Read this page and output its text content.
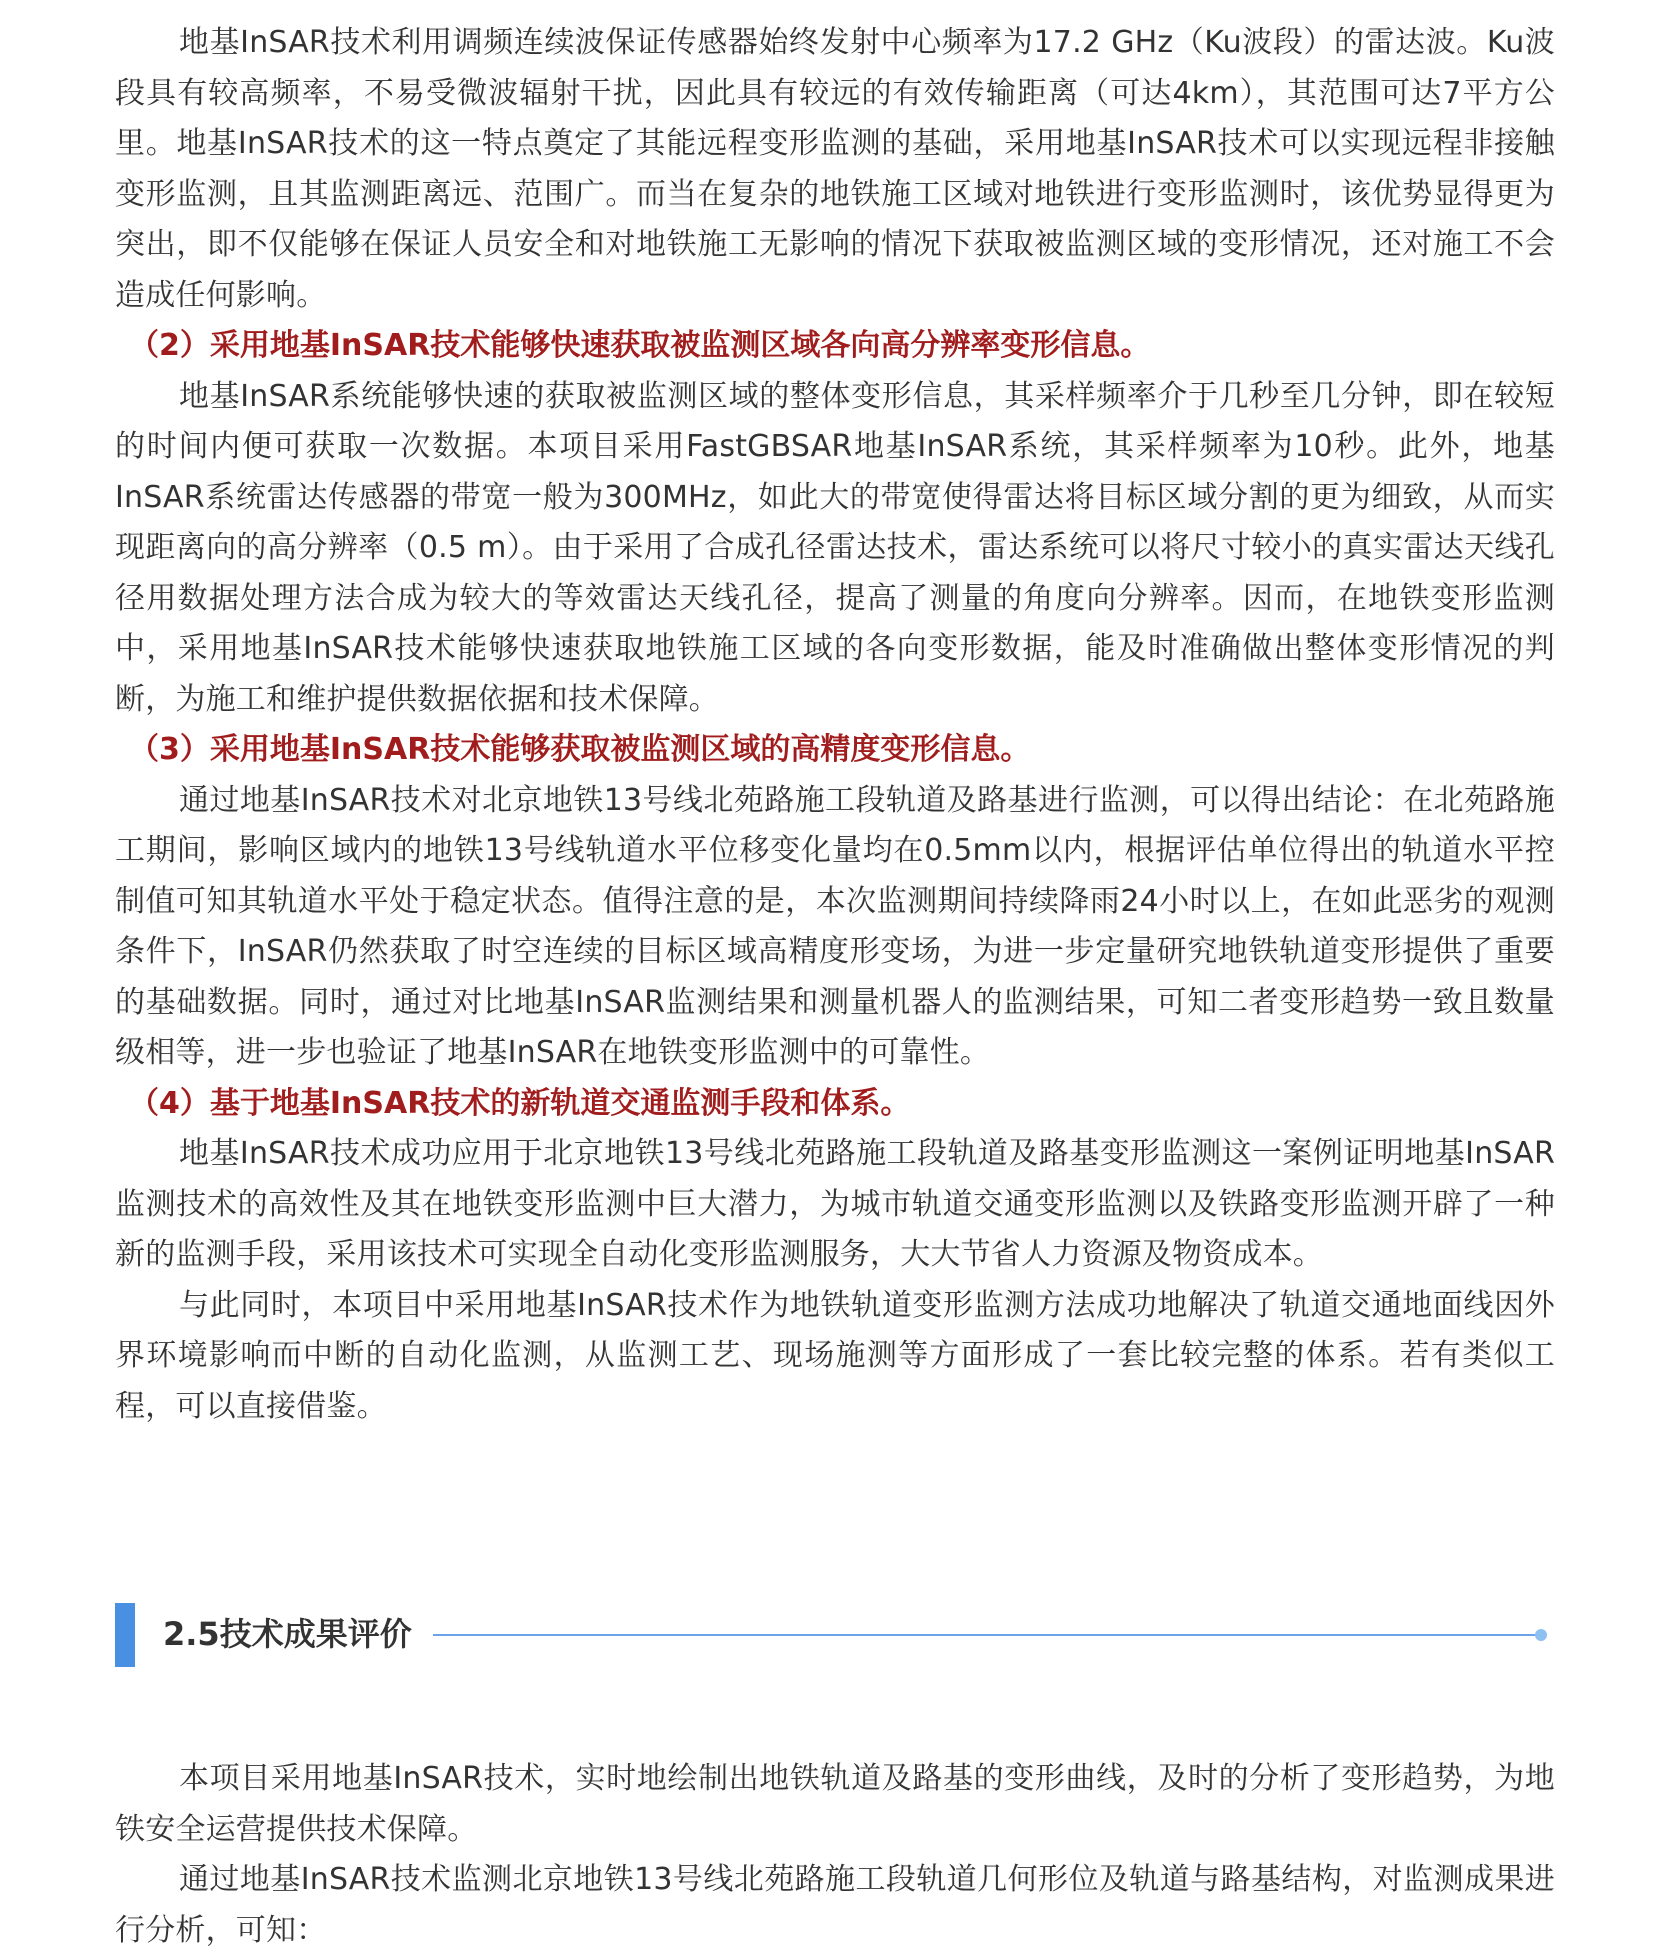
地基InSAR技术利用调频连续波保证传感器始终发射中心频率为17.2 GHz（Ku波段）的雷达波。Ku波段具有较高频率，不易受微波辐射干扰，因此具有较远的有效传输距离（可达4km），其范围可达7平方公里。地基InSAR技术的这一特点奠定了其能远程变形监测的基础，采用地基InSAR技术可以实现远程非接触变形监测，且其监测距离远、范围广。而当在复杂的地铁施工区域对地铁进行变形监测时，该优势显得更为突出，即不仅能够在保证人员安全和对地铁施工无影响的情况下获取被监测区域的变形情况，还对施工不会造成任何影响。

（2）采用地基InSAR技术能够快速获取被监测区域各向高分辨率变形信息。

地基InSAR系统能够快速的获取被监测区域的整体变形信息，其采样频率介于几秒至几分钟，即在较短的时间内便可获取一次数据。本项目采用FastGBSAR地基InSAR系统，其采样频率为10秒。此外，地基InSAR系统雷达传感器的带宽一般为300MHz，如此大的带宽使得雷达将目标区域分割的更为细致，从而实现距离向的高分辨率（0.5 m）。由于采用了合成孔径雷达技术，雷达系统可以将尺寸较小的真实雷达天线孔径用数据处理方法合成为较大的等效雷达天线孔径，提高了测量的角度向分辨率。因而，在地铁变形监测中，采用地基InSAR技术能够快速获取地铁施工区域的各向变形数据，能及时准确做出整体变形情况的判断，为施工和维护提供数据依据和技术保障。

（3）采用地基InSAR技术能够获取被监测区域的高精度变形信息。

通过地基InSAR技术对北京地铁13号线北苑路施工段轨道及路基进行监测，可以得出结论：在北苑路施工期间，影响区域内的地铁13号线轨道水平位移变化量均在0.5mm以内，根据评估单位得出的轨道水平控制值可知其轨道水平处于稳定状态。值得注意的是，本次监测期间持续降雨24小时以上，在如此恶劣的观测条件下，InSAR仍然获取了时空连续的目标区域高精度形变场，为进一步定量研究地铁轨道变形提供了重要的基础数据。同时，通过对比地基InSAR监测结果和测量机器人的监测结果，可知二者变形趋势一致且数量级相等，进一步也验证了地基InSAR在地铁变形监测中的可靠性。

（4）基于地基InSAR技术的新轨道交通监测手段和体系。

地基InSAR技术成功应用于北京地铁13号线北苑路施工段轨道及路基变形监测这一案例证明地基InSAR监测技术的高效性及其在地铁变形监测中巨大潜力，为城市轨道交通变形监测以及铁路变形监测开辟了一种新的监测手段，采用该技术可实现全自动化变形监测服务，大大节省人力资源及物资成本。

与此同时，本项目中采用地基InSAR技术作为地铁轨道变形监测方法成功地解决了轨道交通地面线因外界环境影响而中断的自动化监测，从监测工艺、现场施测等方面形成了一套比较完整的体系。若有类似工程，可以直接借鉴。

2.5技术成果评价

本项目采用地基InSAR技术，实时地绘制出地铁轨道及路基的变形曲线，及时的分析了变形趋势，为地铁安全运营提供技术保障。

通过地基InSAR技术监测北京地铁13号线北苑路施工段轨道几何形位及轨道与路基结构，对监测成果进行分析，可知：
